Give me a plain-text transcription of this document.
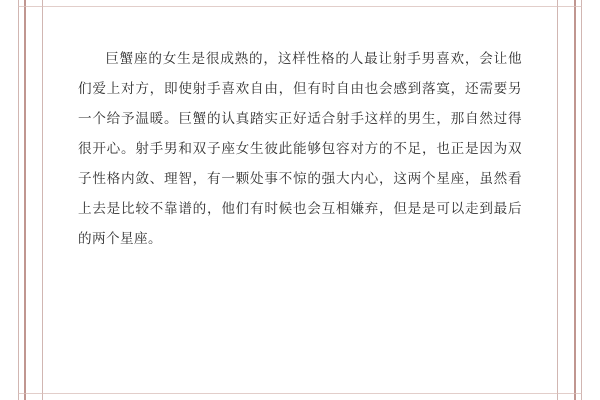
巨蟹座的女生是很成熟的，这样性格的人最让射手男喜欢，会让他们爱上对方，即使射手喜欢自由，但有时自由也会感到落寞，还需要另一个给予温暖。巨蟹的认真踏实正好适合射手这样的男生，那自然过得很开心。射手男和双子座女生彼此能够包容对方的不足，也正是因为双子性格内敛、理智，有一颗处事不惊的强大内心，这两个星座，虽然看上去是比较不靠谱的，他们有时候也会互相嫌弃，但是是可以走到最后的两个星座。
